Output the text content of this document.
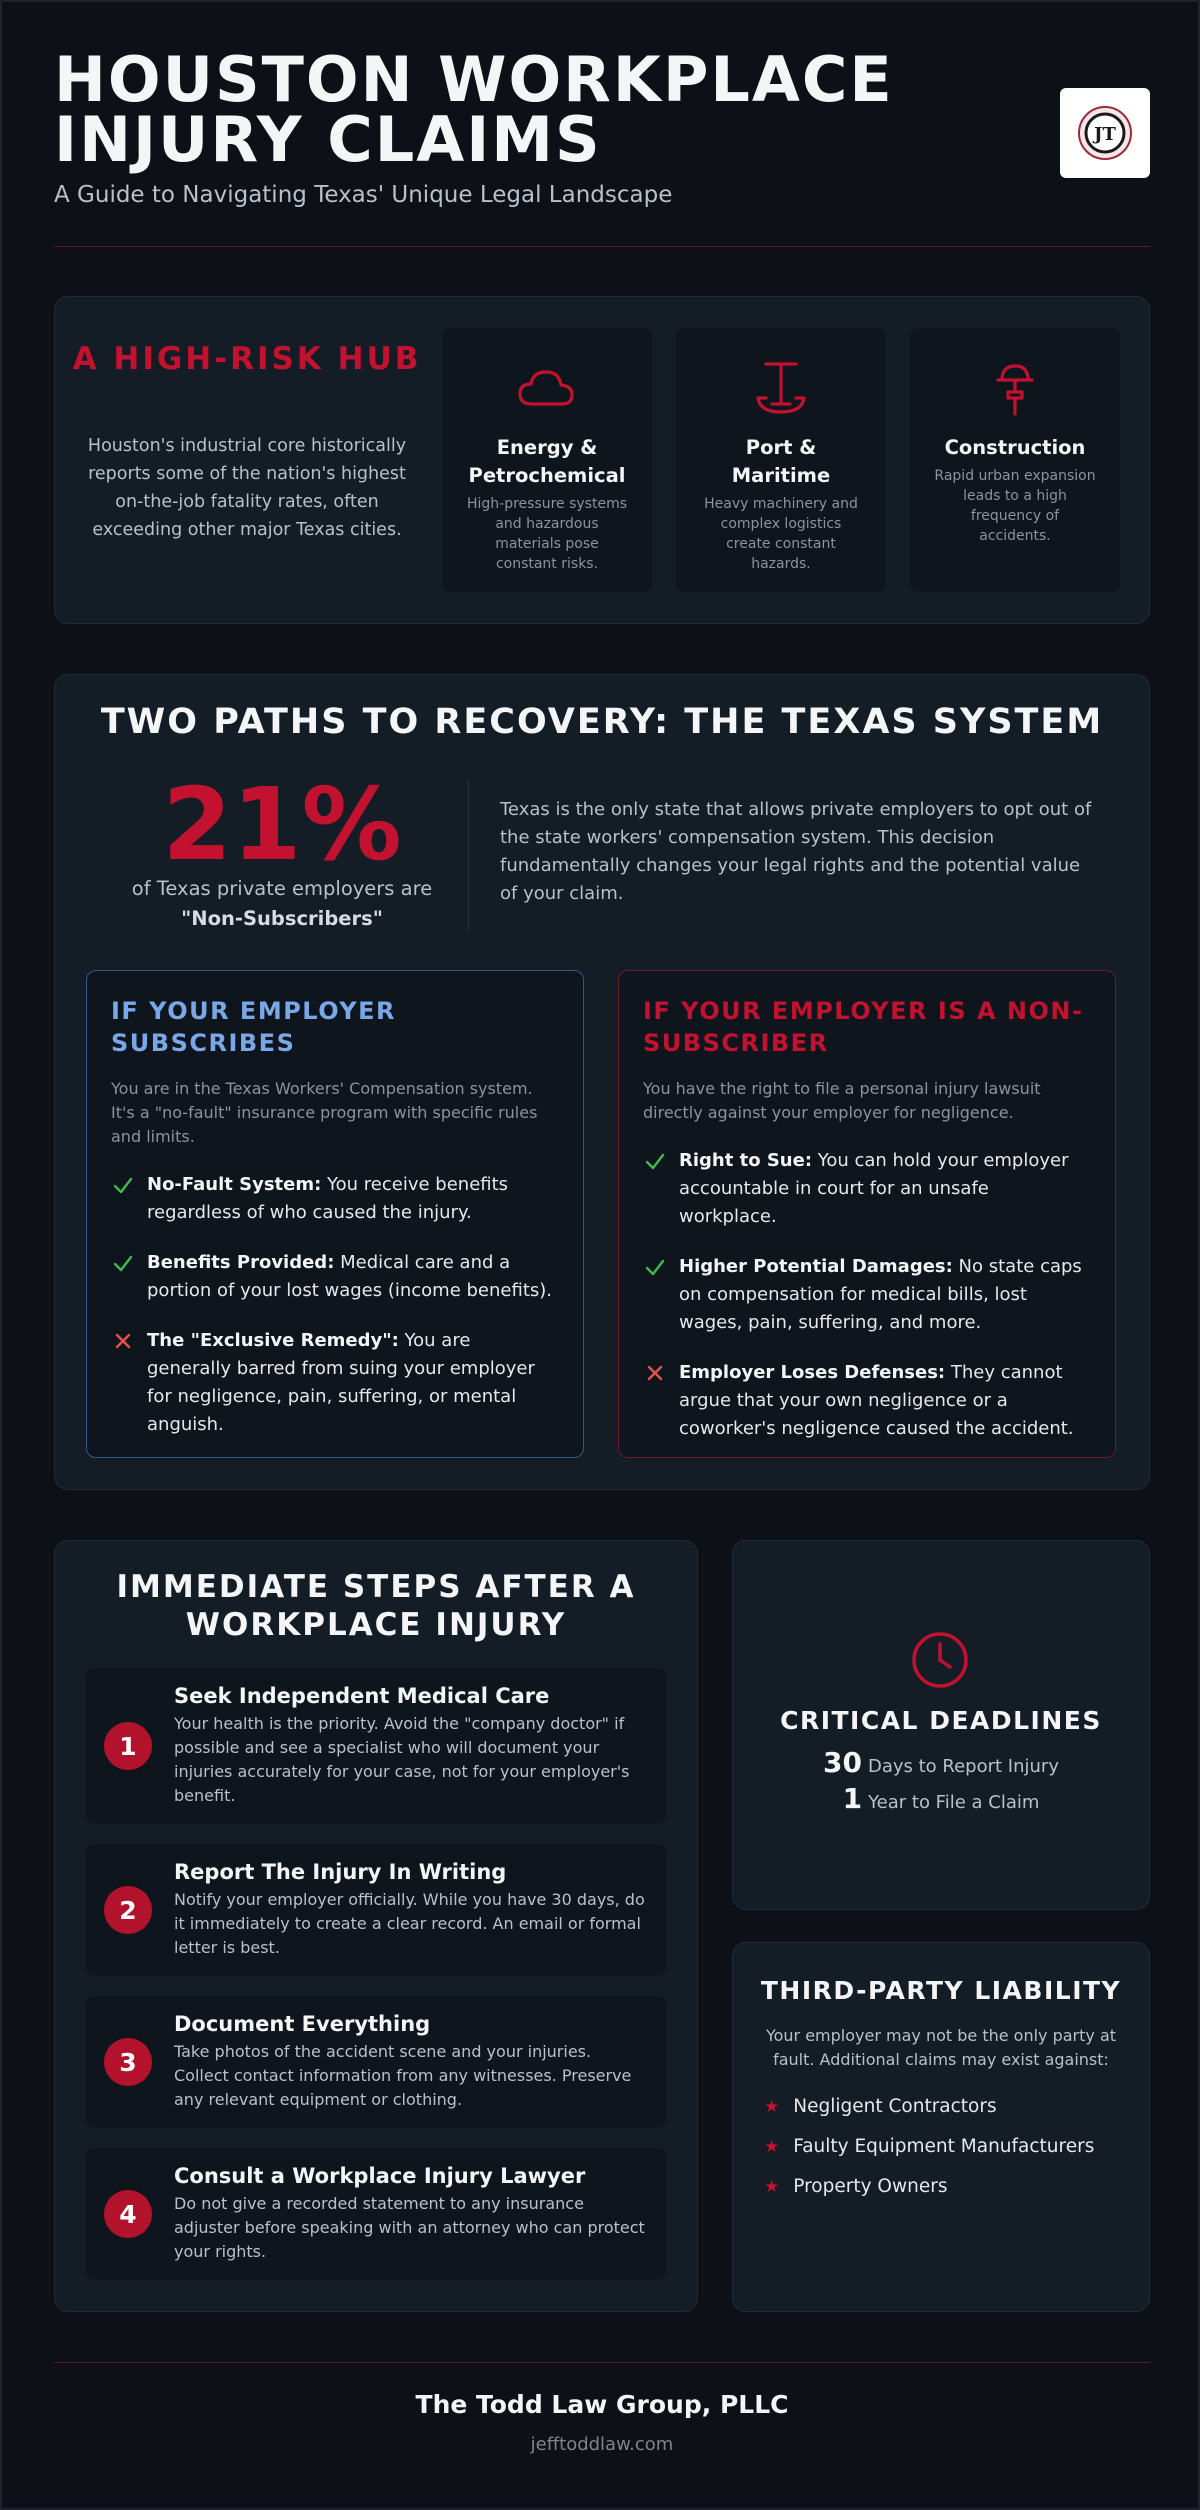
HOUSTON WORKPLACE INJURY CLAIMS
A Guide to Navigating Texas' Unique Legal Landscape
JT
A HIGH-RISK HUB
Houston's industrial core historically reports some of the nation's highest on-the-job fatality rates, often exceeding other major Texas cities.
Energy & Petrochemical
High-pressure systems and hazardous materials pose constant risks.
Port & Maritime
Heavy machinery and complex logistics create constant hazards.
Construction
Rapid urban expansion leads to a high frequency of accidents.
TWO PATHS TO RECOVERY: THE TEXAS SYSTEM
21%
of Texas private employers are
"Non-Subscribers"
Texas is the only state that allows private employers to opt out of the state workers' compensation system. This decision fundamentally changes your legal rights and the potential value of your claim.
IF YOUR EMPLOYER SUBSCRIBES
You are in the Texas Workers' Compensation system. It's a "no-fault" insurance program with specific rules and limits.
No-Fault System: You receive benefits regardless of who caused the injury.
Benefits Provided: Medical care and a portion of your lost wages (income benefits).
The "Exclusive Remedy": You are generally barred from suing your employer for negligence, pain, suffering, or mental anguish.
IF YOUR EMPLOYER IS A NON-SUBSCRIBER
You have the right to file a personal injury lawsuit directly against your employer for negligence.
Right to Sue: You can hold your employer accountable in court for an unsafe workplace.
Higher Potential Damages: No state caps on compensation for medical bills, lost wages, pain, suffering, and more.
Employer Loses Defenses: They cannot argue that your own negligence or a coworker's negligence caused the accident.
IMMEDIATE STEPS AFTER A WORKPLACE INJURY
1
Seek Independent Medical Care
Your health is the priority. Avoid the "company doctor" if possible and see a specialist who will document your injuries accurately for your case, not for your employer's benefit.
2
Report The Injury In Writing
Notify your employer officially. While you have 30 days, do it immediately to create a clear record. An email or formal letter is best.
3
Document Everything
Take photos of the accident scene and your injuries. Collect contact information from any witnesses. Preserve any relevant equipment or clothing.
4
Consult a Workplace Injury Lawyer
Do not give a recorded statement to any insurance adjuster before speaking with an attorney who can protect your rights.
CRITICAL DEADLINES
30 Days to Report Injury
1 Year to File a Claim
THIRD-PARTY LIABILITY
Your employer may not be the only party at fault. Additional claims may exist against:
★ Negligent Contractors
★ Faulty Equipment Manufacturers
★ Property Owners
The Todd Law Group, PLLC
jefftoddlaw.com
